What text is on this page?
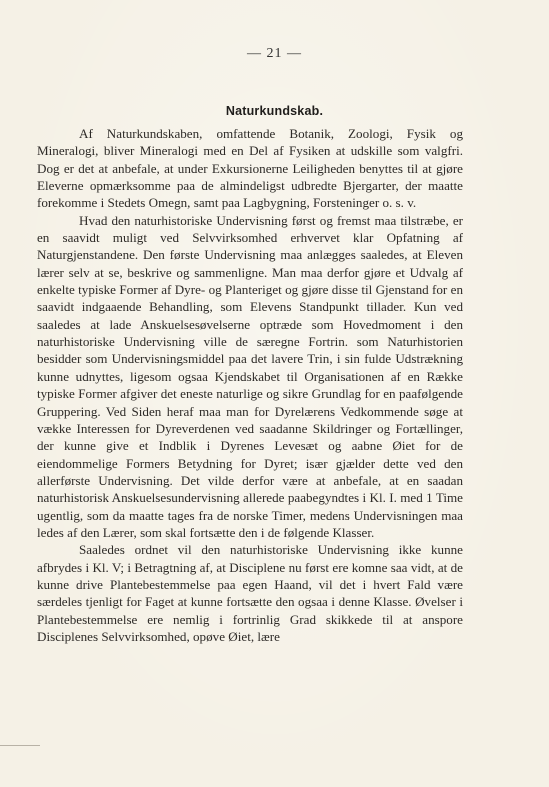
— 21 —
Naturkundskab.

Af Naturkundskaben, omfattende Botanik, Zoologi, Fysik og Mineralogi, bliver Mineralogi med en Del af Fysiken at udskille som valgfri. Dog er det at anbefale, at under Exkursionerne Leiligheden benyttes til at gjøre Eleverne opmærksomme paa de almindeligst udbredte Bjergarter, der maatte forekomme i Stedets Omegn, samt paa Lagbygning, Forsteninger o. s. v.

Hvad den naturhistoriske Undervisning først og fremst maa tilstræbe, er en saavidt muligt ved Selvvirksomhed erhvervet klar Opfatning af Naturgjenstandene. Den første Undervisning maa anlægges saaledes, at Eleven lærer selv at se, beskrive og sammenligne. Man maa derfor gjøre et Udvalg af enkelte typiske Former af Dyre- og Planteriget og gjøre disse til Gjenstand for en saavidt indgaaende Behandling, som Elevens Standpunkt tillader. Kun ved saaledes at lade Anskuelsesøvelserne optræde som Hovedmoment i den naturhistoriske Undervisning ville de særegne Fortrin. som Naturhistorien besidder som Undervisningsmiddel paa det lavere Trin, i sin fulde Udstrækning kunne udnyttes, ligesom ogsaa Kjendskabet til Organisationen af en Række typiske Former afgiver det eneste naturlige og sikre Grundlag for en paafølgende Gruppering. Ved Siden heraf maa man for Dyrelærens Vedkommende søge at vække Interessen for Dyreverdenen ved saadanne Skildringer og Fortællinger, der kunne give et Indblik i Dyrenes Levesæt og aabne Øiet for de eiendommelige Formers Betydning for Dyret; især gjælder dette ved den allerførste Undervisning. Det vilde derfor være at anbefale, at en saadan naturhistorisk Anskuelsesundervisning allerede paabegyndtes i Kl. I. med 1 Time ugentlig, som da maatte tages fra de norske Timer, medens Undervisningen maa ledes af den Lærer, som skal fortsætte den i de følgende Klasser.

Saaledes ordnet vil den naturhistoriske Undervisning ikke kunne afbrydes i Kl. V; i Betragtning af, at Disciplene nu først ere komne saa vidt, at de kunne drive Plantebestemmelse paa egen Haand, vil det i hvert Fald være særdeles tjenligt for Faget at kunne fortsætte den ogsaa i denne Klasse. Øvelser i Plantebestemmelse ere nemlig i fortrinlig Grad skikkede til at anspore Disciplenes Selvvirksomhed, opøve Øiet, lære
